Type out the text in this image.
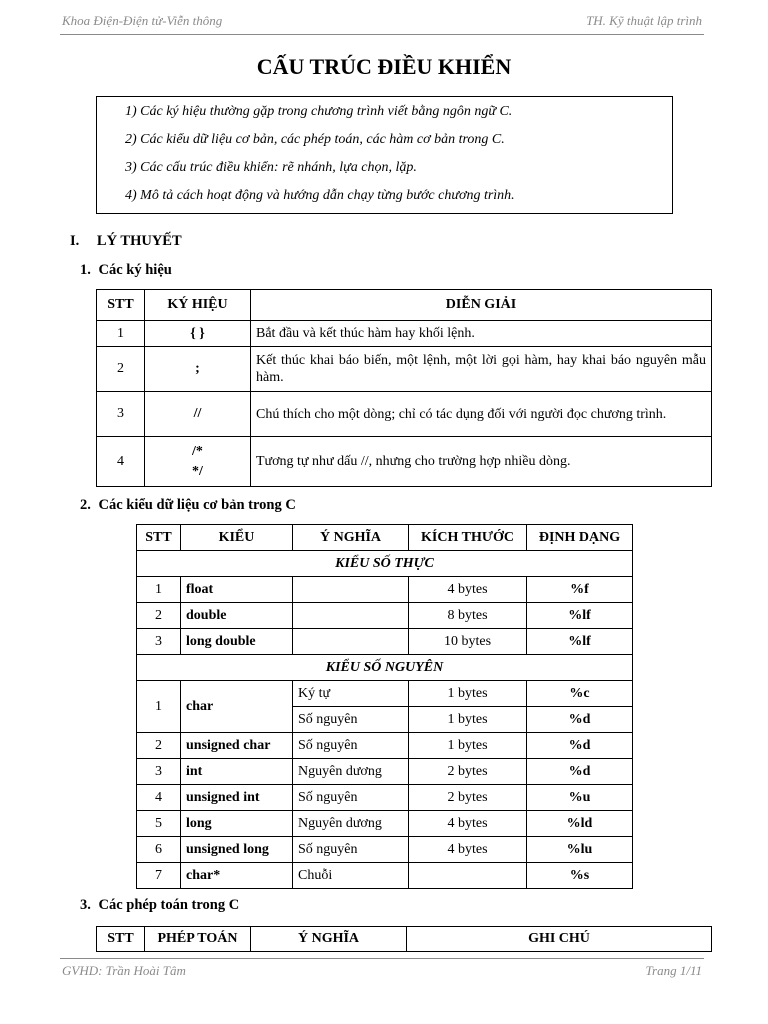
Khoa Điện-Điện tử-Viễn thông	TH. Kỹ thuật lập trình
CẤU TRÚC ĐIỀU KHIỂN
1) Các ký hiệu thường gặp trong chương trình viết bằng ngôn ngữ C.
2) Các kiểu dữ liệu cơ bản, các phép toán, các hàm cơ bản trong C.
3) Các cấu trúc điều khiển: rẽ nhánh, lựa chọn, lặp.
4) Mô tả cách hoạt động và hướng dẫn chạy từng bước chương trình.
I. LÝ THUYẾT
1. Các ký hiệu
STT	KÝ HIỆU	DIỄN GIẢI
1	{ }	Bắt đầu và kết thúc hàm hay khối lệnh.
2	;	Kết thúc khai báo biến, một lệnh, một lời gọi hàm, hay khai báo nguyên mẫu hàm.
3	//	Chú thích cho một dòng; chỉ có tác dụng đối với người đọc chương trình.
4	/*
*/	Tương tự như dấu //, nhưng cho trường hợp nhiều dòng.
2. Các kiểu dữ liệu cơ bản trong C
STT	KIỂU	Ý NGHĨA	KÍCH THƯỚC	ĐỊNH DẠNG
KIỂU SỐ THỰC				
1	float		4 bytes	%f
2	double		8 bytes	%lf
3	long double		10 bytes	%lf
KIỂU SỐ NGUYÊN				
1	char	Ký tự	1 bytes	%c
		Số nguyên	1 bytes	%d
2	unsigned char	Số nguyên	1 bytes	%d
3	int	Nguyên dương	2 bytes	%d
4	unsigned int	Số nguyên	2 bytes	%u
5	long	Nguyên dương	4 bytes	%ld
6	unsigned long	Số nguyên	4 bytes	%lu
7	char*	Chuỗi		%s
3. Các phép toán trong C
STT	PHÉP TOÁN	Ý NGHĨA	GHI CHÚ
GVHD: Trần Hoài Tâm	Trang 1/11
